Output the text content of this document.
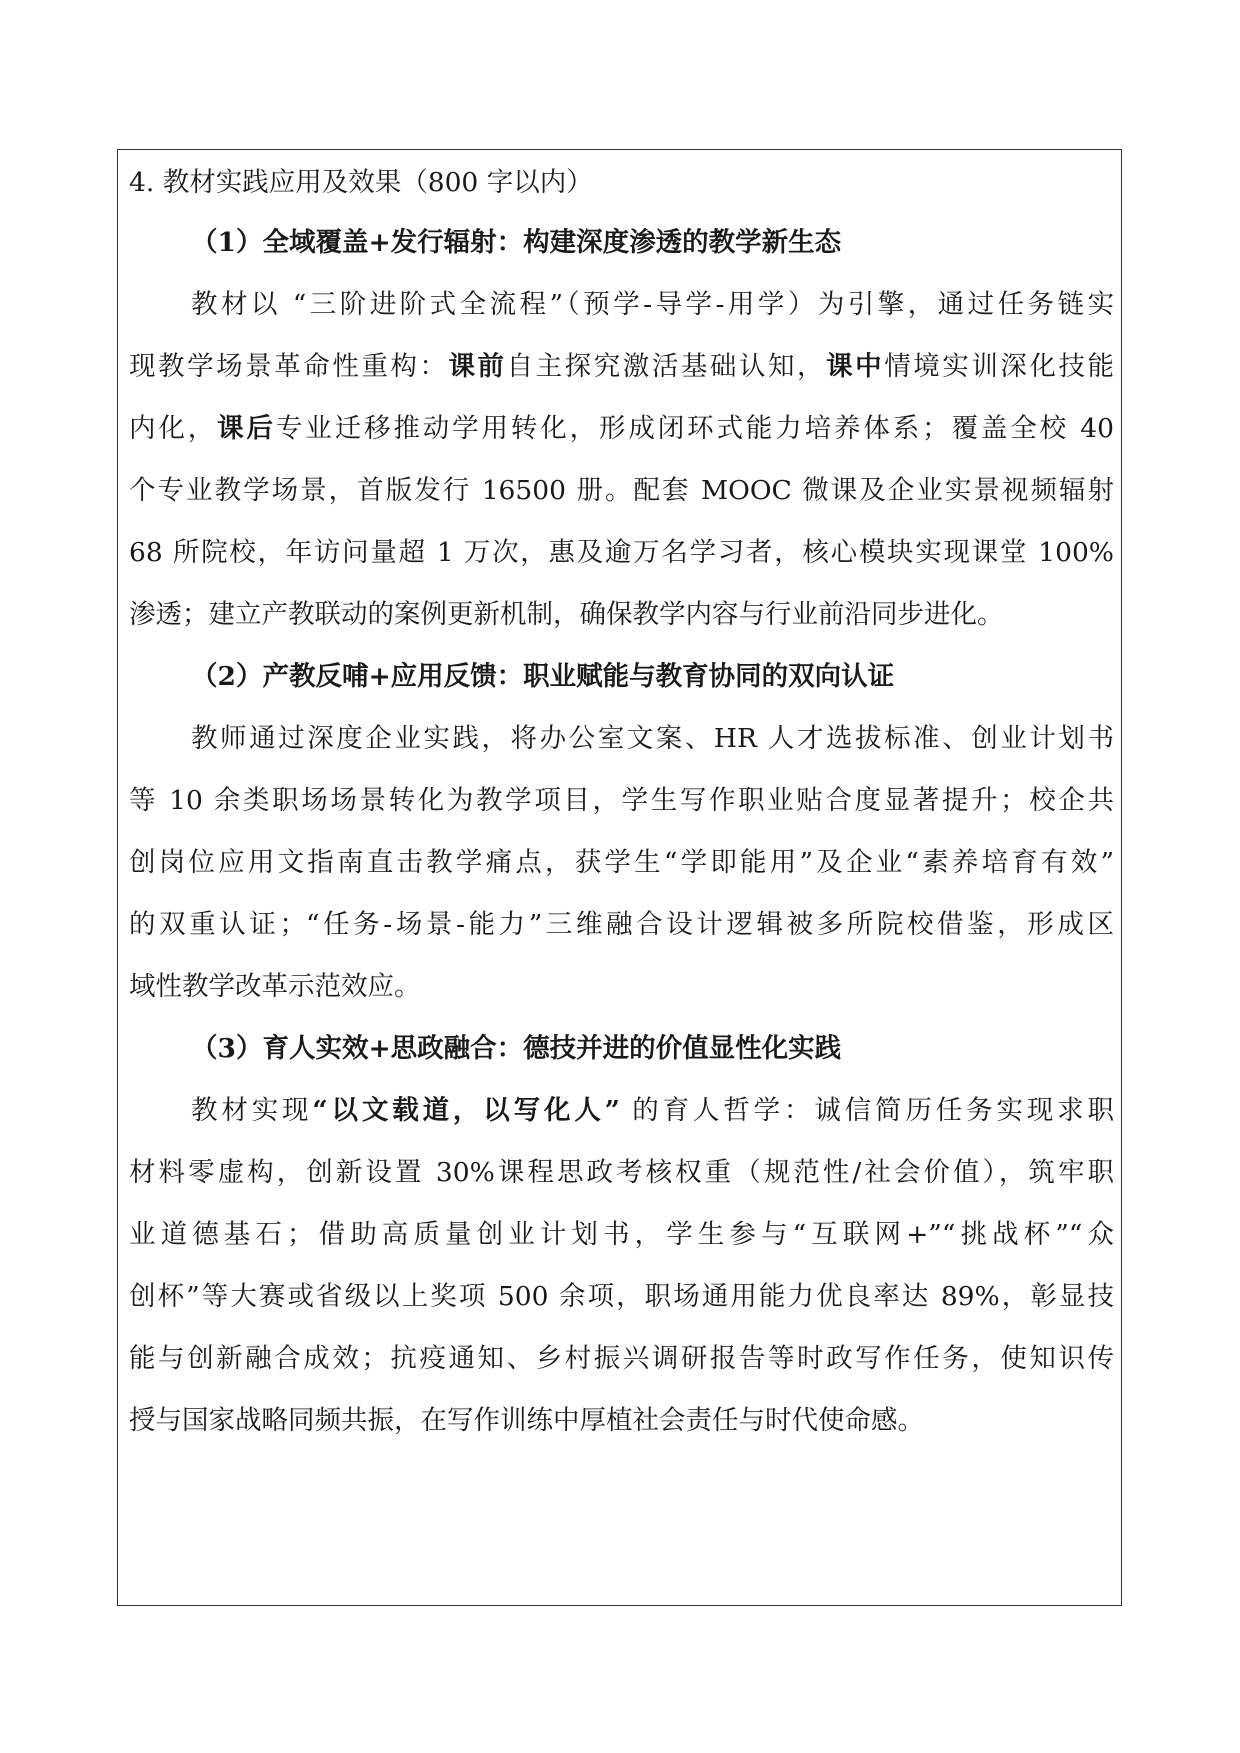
4. 教材实践应用及效果（800 字以内）
（1）全域覆盖+发行辐射：构建深度渗透的教学新生态
教材以 “三阶进阶式全流程”（预学-导学-用学）为引擎，通过任务链实
现教学场景革命性重构：课前自主探究激活基础认知，课中情境实训深化技能
内化，课后专业迁移推动学用转化，形成闭环式能力培养体系；覆盖全校 40
个专业教学场景，首版发行 16500 册。配套 MOOC 微课及企业实景视频辐射
68 所院校，年访问量超 1 万次，惠及逾万名学习者，核心模块实现课堂 100%
渗透；建立产教联动的案例更新机制，确保教学内容与行业前沿同步进化。
（2）产教反哺+应用反馈：职业赋能与教育协同的双向认证
教师通过深度企业实践，将办公室文案、HR 人才选拔标准、创业计划书
等 10 余类职场场景转化为教学项目，学生写作职业贴合度显著提升；校企共
创岗位应用文指南直击教学痛点，获学生“学即能用”及企业“素养培育有效”
的双重认证；“任务-场景-能力”三维融合设计逻辑被多所院校借鉴，形成区
域性教学改革示范效应。
（3）育人实效+思政融合：德技并进的价值显性化实践
教材实现“以文载道，以写化人” 的育人哲学：诚信简历任务实现求职
材料零虚构，创新设置 30%课程思政考核权重（规范性/社会价值），筑牢职
业道德基石；借助高质量创业计划书，学生参与“互联网+”“挑战杯”“众
创杯”等大赛或省级以上奖项 500 余项，职场通用能力优良率达 89%，彰显技
能与创新融合成效；抗疫通知、乡村振兴调研报告等时政写作任务，使知识传
授与国家战略同频共振，在写作训练中厚植社会责任与时代使命感。
